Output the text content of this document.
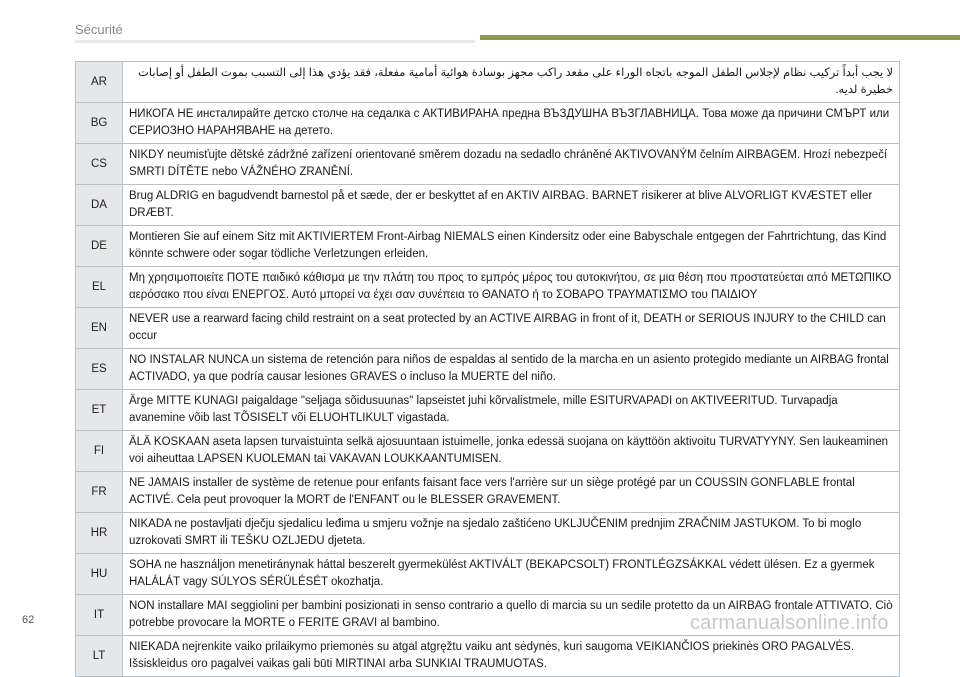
Sécurité
AR
لا يجب أبداً تركيب نظام لإجلاس الطفل الموجه باتجاه الوراء على مقعد راكب مجهز بوسادة هوائية أمامية مفعلة، فقد يؤدي هذا إلى التسبب بموت الطفل أو إصابات خطيرة لديه.
BG
НИКОГА НЕ инсталирайте детско столче на седалка с АКТИВИРАНА предна ВЪЗДУШНА ВЪЗГЛАВНИЦА. Това може да причини СМЪРТ или СЕРИОЗНО НАРАНЯВАНЕ на детето.
CS
NIKDY neumisťujte dětské zádržné zařízení orientované směrem dozadu na sedadlo chráněné AKTIVOVANÝM čelním AIRBAGEM. Hrozí nebezpečí SMRTI DÍTĚTE nebo VÁŽNÉHO ZRANĚNÍ.
DA
Brug ALDRIG en bagudvendt barnestol på et sæde, der er beskyttet af en AKTIV AIRBAG. BARNET risikerer at blive ALVORLIGT KVÆSTET eller DRÆBT.
DE
Montieren Sie auf einem Sitz mit AKTIVIERTEM Front-Airbag NIEMALS einen Kindersitz oder eine Babyschale entgegen der Fahrtrichtung, das Kind könnte schwere oder sogar tödliche Verletzungen erleiden.
EL
Μη χρησιμοποιείτε ΠΟΤΕ παιδικό κάθισμα με την πλάτη του προς το εμπρός μέρος του αυτοκινήτου, σε μια θέση που προστατεύεται από ΜΕΤΩΠΙΚΟ αερόσακο που είναι ΕΝΕΡΓΟΣ. Αυτό μπορεί να έχει σαν συνέπεια το ΘΑΝΑΤΟ ή το ΣΟΒΑΡΟ ΤΡΑΥΜΑΤΙΣΜΟ του ΠΑΙΔΙΟΥ
EN
NEVER use a rearward facing child restraint on a seat protected by an ACTIVE AIRBAG in front of it, DEATH or SERIOUS INJURY to the CHILD can occur
ES
NO INSTALAR NUNCA un sistema de retención para niños de espaldas al sentido de la marcha en un asiento protegido mediante un AIRBAG frontal ACTIVADO, ya que podría causar lesiones GRAVES o incluso la MUERTE del niño.
ET
Ärge MITTE KUNAGI paigaldage "seljaga sõidusuunas" lapseistet juhi kõrvalistmele, mille ESITURVAPADI on AKTIVEERITUD. Turvapadja avanemine võib last TÕSISELT või ELUOHTLIKULT vigastada.
FI
ÄLÄ KOSKAAN aseta lapsen turvaistuinta selkä ajosuuntaan istuimelle, jonka edessä suojana on käyttöön aktivoitu TURVATYYNY. Sen laukeaminen voi aiheuttaa LAPSEN KUOLEMAN tai VAKAVAN LOUKKAANTUMISEN.
FR
NE JAMAIS installer de système de retenue pour enfants faisant face vers l'arrière sur un siège protégé par un COUSSIN GONFLABLE frontal ACTIVÉ. Cela peut provoquer la MORT de l'ENFANT ou le BLESSER GRAVEMENT.
HR
NIKADA ne postavljati dječju sjedalicu leđima u smjeru vožnje na sjedalo zaštićeno UKLJUČENIM prednjim ZRAČNIM JASTUKOM. To bi moglo uzrokovati SMRT ili TEŠKU OZLJEDU djeteta.
HU
SOHA ne használjon menetiránynak háttal beszerelt gyermekülést AKTIVÁLT (BEKAPCSOLT) FRONTLÉGZSÁKKAL védett ülésen. Ez a gyermek HALÁLÁT vagy SÚLYOS SÉRÜLÉSÉT okozhatja.
IT
NON installare MAI seggiolini per bambini posizionati in senso contrario a quello di marcia su un sedile protetto da un AIRBAG frontale ATTIVATO. Ciò potrebbe provocare la MORTE o FERITE GRAVI al bambino.
LT
NIEKADA nejrenkite vaiko prilaikymo priemonės su atgal atgręžtu vaiku ant sėdynės, kuri saugoma VEIKIANČIOS priekinės ORO PAGALVĖS. Išsiskleidus oro pagalvei vaikas gali būti MIRTINAI arba SUNKIAI TRAUMUOTAS.
62	carmanualsonline.info
